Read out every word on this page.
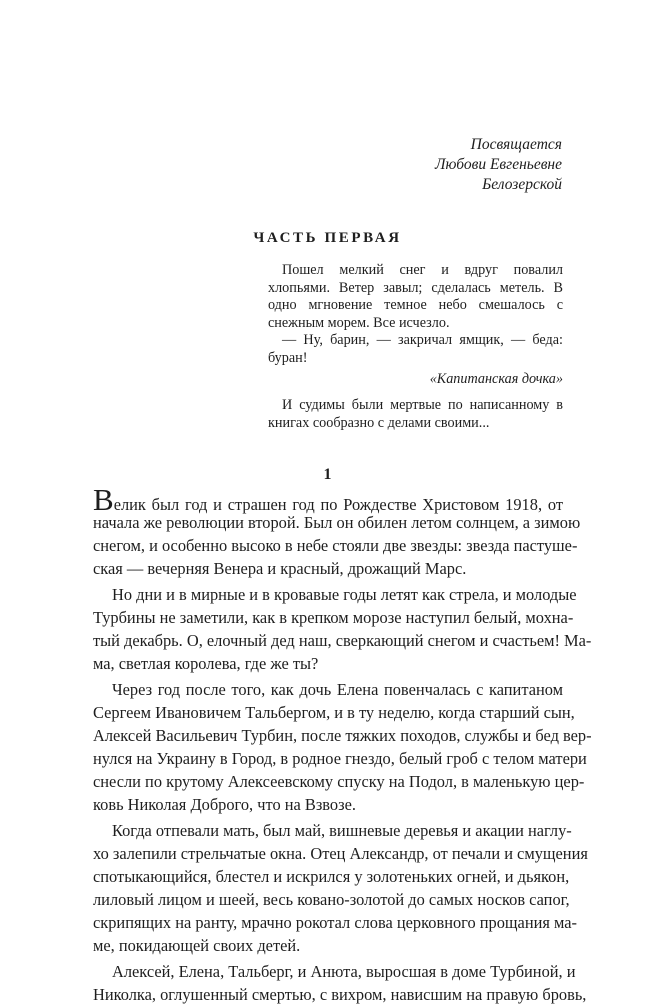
Посвящается
Любови Евгеньевне
Белозерской
ЧАСТЬ ПЕРВАЯ

Пошел мелкий снег и вдруг повалил хлопьями. Ветер завыл; сделалась метель. В одно мгновение темное небо смешалось с снежным морем. Все исчезло.

— Ну, барин, — закричал ямщик, — беда: буран!

«Капитанская дочка»

И судимы были мертвые по написанному в книгах сообразно с делами своими...

1
Велик был год и страшен год по Рождестве Христовом 1918, от
начала же революции второй. Был он обилен летом солнцем, а зимою
снегом, и особенно высоко в небе стояли две звезды: звезда пастуше-
ская — вечерняя Венера и красный, дрожащий Марс.
Но дни и в мирные и в кровавые годы летят как стрела, и молодые
Турбины не заметили, как в крепком морозе наступил белый, мохна-
тый декабрь. О, елочный дед наш, сверкающий снегом и счастьем! Ма-
ма, светлая королева, где же ты?
Через год после того, как дочь Елена повенчалась с капитаном
Сергеем Ивановичем Тальбергом, и в ту неделю, когда старший сын,
Алексей Васильевич Турбин, после тяжких походов, службы и бед вер-
нулся на Украину в Город, в родное гнездо, белый гроб с телом матери
снесли по крутому Алексеевскому спуску на Подол, в маленькую цер-
ковь Николая Доброго, что на Взвозе.
Когда отпевали мать, был май, вишневые деревья и акации наглу-
хо залепили стрельчатые окна. Отец Александр, от печали и смущения
спотыкающийся, блестел и искрился у золотеньких огней, и дьякон,
лиловый лицом и шеей, весь ковано-золотой до самых носков сапог,
скрипящих на ранту, мрачно рокотал слова церковного прощания ма-
ме, покидающей своих детей.
Алексей, Елена, Тальберг, и Анюта, выросшая в доме Турбиной, и
Николка, оглушенный смертью, с вихром, нависшим на правую бровь,
